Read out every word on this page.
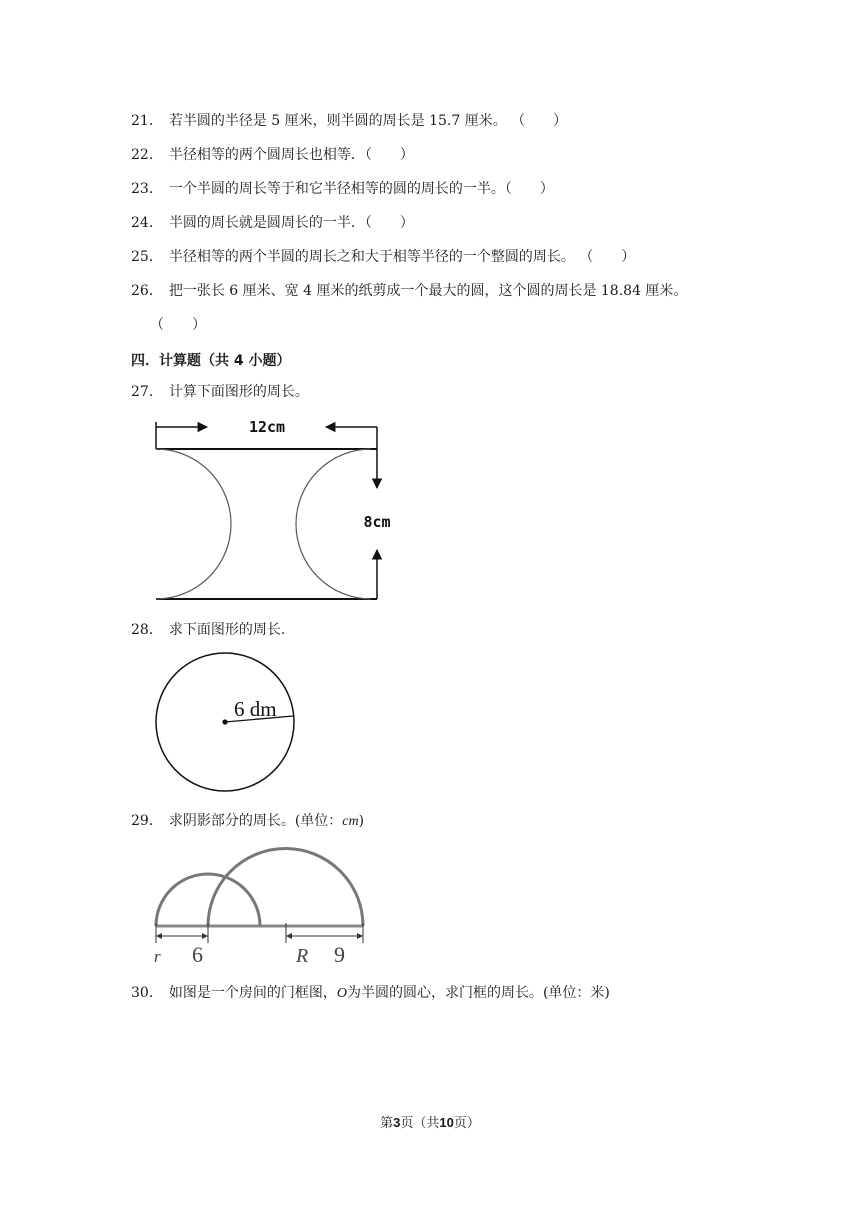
21． 若半圆的半径是 5 厘米，则半圆的周长是 15.7 厘米。 （　　）
22． 半径相等的两个圆周长也相等．（　　）
23． 一个半圆的周长等于和它半径相等的圆的周长的一半。（　　）
24． 半圆的周长就是圆周长的一半．（　　）
25． 半径相等的两个半圆的周长之和大于相等半径的一个整圆的周长。 （　　）
26． 把一张长 6 厘米、宽 4 厘米的纸剪成一个最大的圆，这个圆的周长是 18.84 厘米。
（　　）
四．计算题（共 4 小题）
27． 计算下面图形的周长。
12cm
8cm
28． 求下面图形的周长.
6 dm
29． 求阴影部分的周长。(单位：cm)
r 6	R 9
30． 如图是一个房间的门框图，O为半圆的圆心，求门框的周长。(单位：米)
第3页（共10页）
